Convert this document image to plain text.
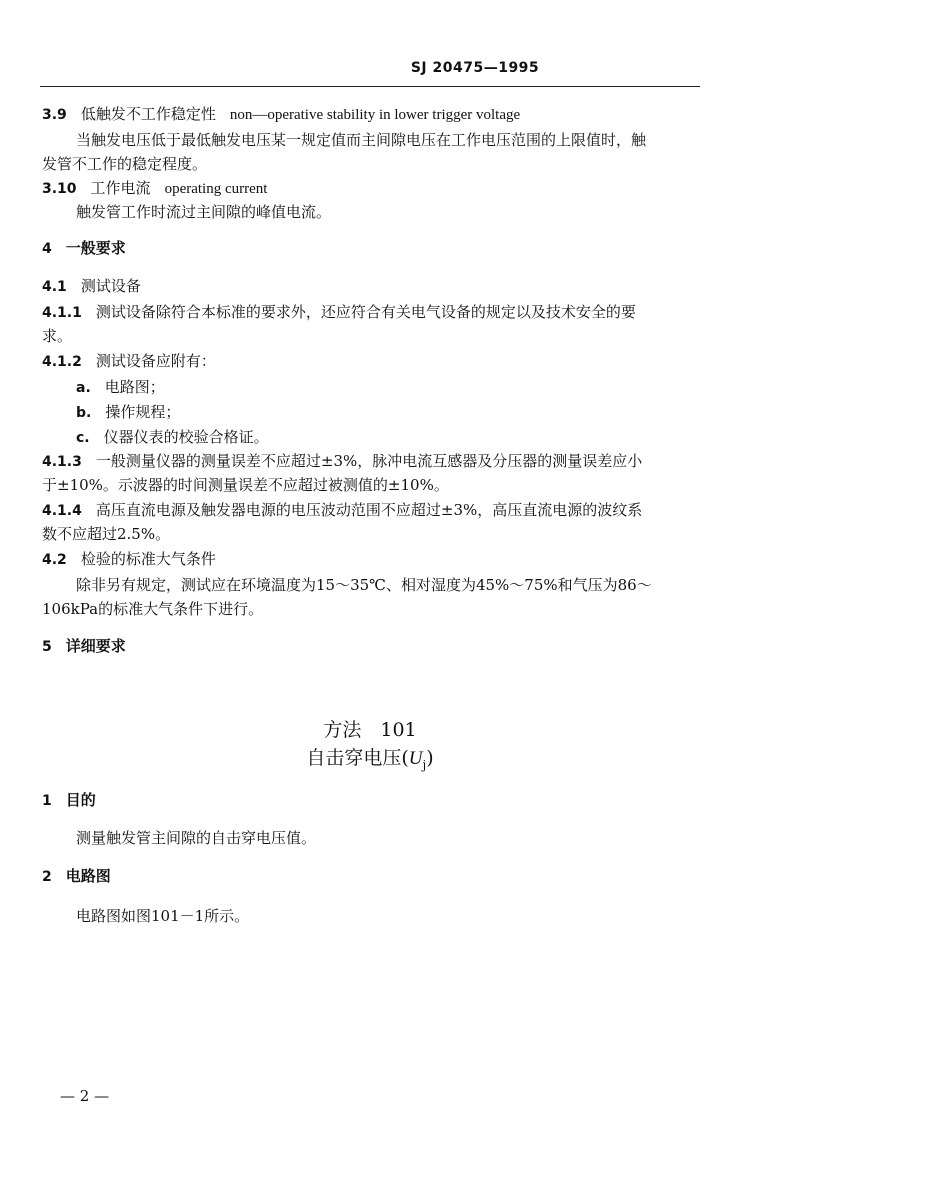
SJ 20475—1995
3.9 低触发不工作稳定性 non—operative stability in lower trigger voltage
当触发电压低于最低触发电压某一规定值而主间隙电压在工作电压范围的上限值时，触
发管不工作的稳定程度。
3.10 工作电流 operating current
触发管工作时流过主间隙的峰值电流。
4 一般要求
4.1 测试设备
4.1.1 测试设备除符合本标准的要求外，还应符合有关电气设备的规定以及技术安全的要
求。
4.1.2 测试设备应附有：
a. 电路图；
b. 操作规程；
c. 仪器仪表的校验合格证。
4.1.3 一般测量仪器的测量误差不应超过±3%，脉冲电流互感器及分压器的测量误差应小
于±10%。示波器的时间测量误差不应超过被测值的±10%。
4.1.4 高压直流电源及触发器电源的电压波动范围不应超过±3%，高压直流电源的波纹系
数不应超过2.5%。
4.2 检验的标准大气条件
除非另有规定，测试应在环境温度为15～35℃、相对湿度为45%～75%和气压为86～
106kPa的标准大气条件下进行。
5 详细要求
方法　101
自击穿电压$(U_j)$
1 目的
测量触发管主间隙的自击穿电压值。
2 电路图
电路图如图101－1所示。
— 2 —
